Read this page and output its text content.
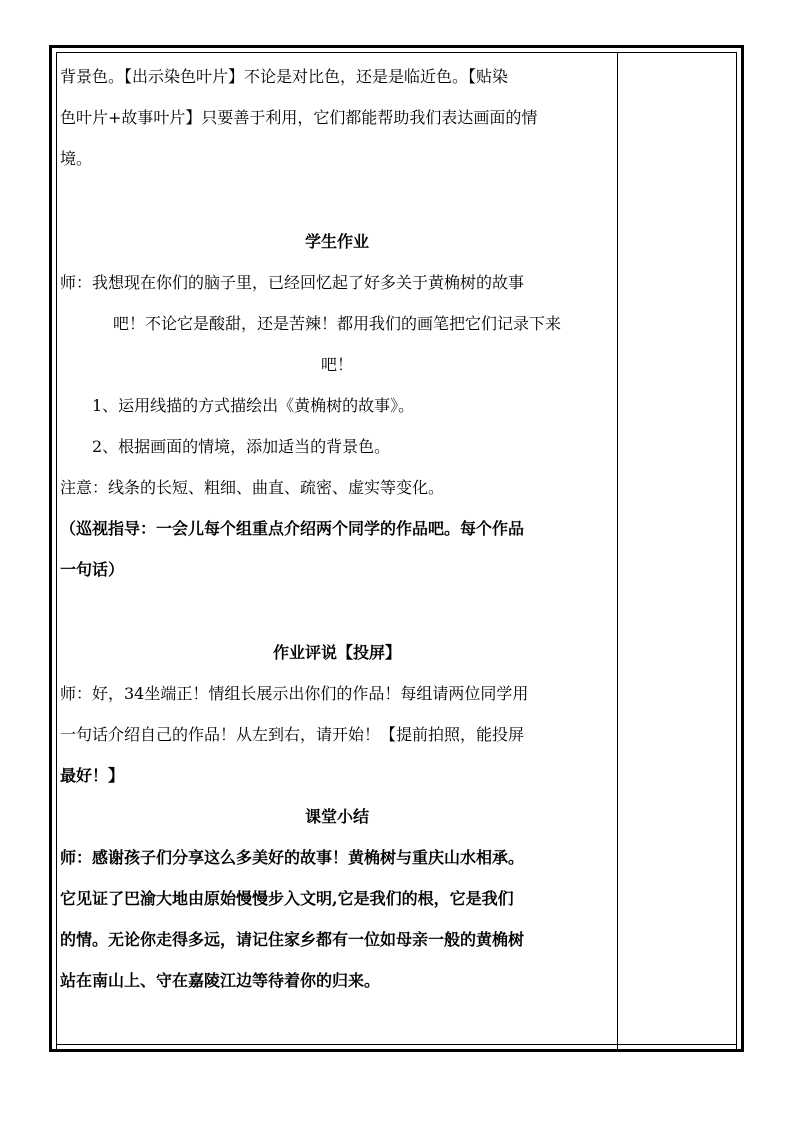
背景色。【出示染色叶片】不论是对比色，还是是临近色。【贴染

色叶片+故事叶片】只要善于利用，它们都能帮助我们表达画面的情

境。

学生作业

师：我想现在你们的脑子里，已经回忆起了好多关于黄桷树的故事

吧！不论它是酸甜，还是苦辣！都用我们的画笔把它们记录下来

吧！

1、运用线描的方式描绘出《黄桷树的故事》。

2、根据画面的情境，添加适当的背景色。

注意：线条的长短、粗细、曲直、疏密、虚实等变化。

（巡视指导：一会儿每个组重点介绍两个同学的作品吧。每个作品

一句话）

作业评说【投屏】

师：好，34坐端正！情组长展示出你们的作品！每组请两位同学用

一句话介绍自己的作品！从左到右，请开始！【提前拍照，能投屏

最好！】

课堂小结

师：感谢孩子们分享这么多美好的故事！黄桷树与重庆山水相承。

它见证了巴渝大地由原始慢慢步入文明,它是我们的根，它是我们

的情。无论你走得多远，请记住家乡都有一位如母亲一般的黄桷树

站在南山上、守在嘉陵江边等待着你的归来。
